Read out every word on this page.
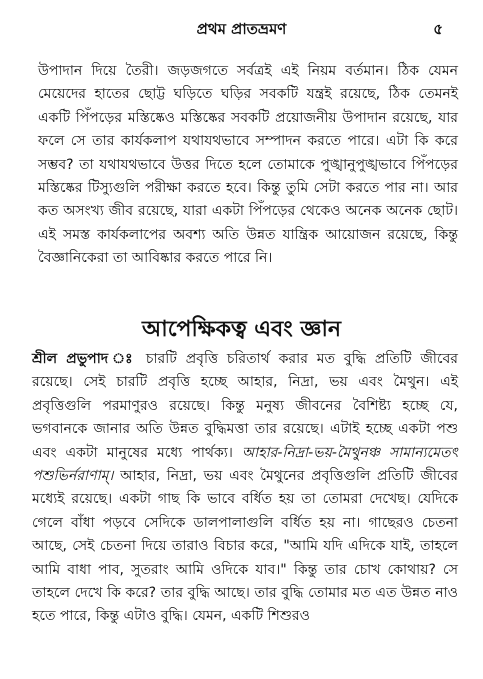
প্রথম প্রাতভ্রমণ	৫

উপাদান দিয়ে তৈরী। জড়জগতে সর্বত্রই এই নিয়ম বর্তমান। ঠিক যেমন মেয়েদের হাতের ছোট্ট ঘড়িতে ঘড়ির সবকটি যন্ত্রই রয়েছে, ঠিক তেমনই একটি পিঁপড়ের মস্তিষ্কেও মস্তিষ্কের সবকটি প্রয়োজনীয় উপাদান রয়েছে, যার ফলে সে তার কার্যকলাপ যথাযথভাবে সম্পাদন করতে পারে। এটা কি করে সম্ভব? তা যথাযথভাবে উত্তর দিতে হলে তোমাকে পুঙ্খানুপুঙ্খভাবে পিঁপড়ের মস্তিষ্কের টিস্যুগুলি পরীক্ষা করতে হবে। কিন্তু তুমি সেটা করতে পার না। আর কত অসংখ্য জীব রয়েছে, যারা একটা পিঁপড়ের থেকেও অনেক অনেক ছোট। এই সমস্ত কার্যকলাপের অবশ্য অতি উন্নত যান্ত্রিক আয়োজন রয়েছে, কিন্তু বৈজ্ঞানিকেরা তা আবিষ্কার করতে পারে নি।

আপেক্ষিকত্ব এবং জ্ঞান

শ্রীল প্রভুপাদ ঃ চারটি প্রবৃত্তি চরিতার্থ করার মত বুদ্ধি প্রতিটি জীবের রয়েছে। সেই চারটি প্রবৃত্তি হচ্ছে আহার, নিদ্রা, ভয় এবং মৈথুন। এই প্রবৃত্তিগুলি পরমাণুরও রয়েছে। কিন্তু মনুষ্য জীবনের বৈশিষ্ট্য হচ্ছে যে, ভগবানকে জানার অতি উন্নত বুদ্ধিমত্তা তার রয়েছে। এটাই হচ্ছে একটা পশু এবং একটা মানুষের মধ্যে পার্থক্য। আহার-নিদ্রা-ভয়-মৈথুনঞ্চ সামান্যমেতৎ পশুভির্নরাণাম্। আহার, নিদ্রা, ভয় এবং মৈথুনের প্রবৃত্তিগুলি প্রতিটি জীবের মধ্যেই রয়েছে। একটা গাছ কি ভাবে বর্ধিত হয় তা তোমরা দেখেছ। যেদিকে গেলে বাঁধা পড়বে সেদিকে ডালপালাগুলি বর্ধিত হয় না। গাছেরও চেতনা আছে, সেই চেতনা দিয়ে তারাও বিচার করে, "আমি যদি এদিকে যাই, তাহলে আমি বাধা পাব, সুতরাং আমি ওদিকে যাব।" কিন্তু তার চোখ কোথায়? সে তাহলে দেখে কি করে? তার বুদ্ধি আছে। তার বুদ্ধি তোমার মত এত উন্নত নাও হতে পারে, কিন্তু এটাও বুদ্ধি। যেমন, একটি শিশুরও
